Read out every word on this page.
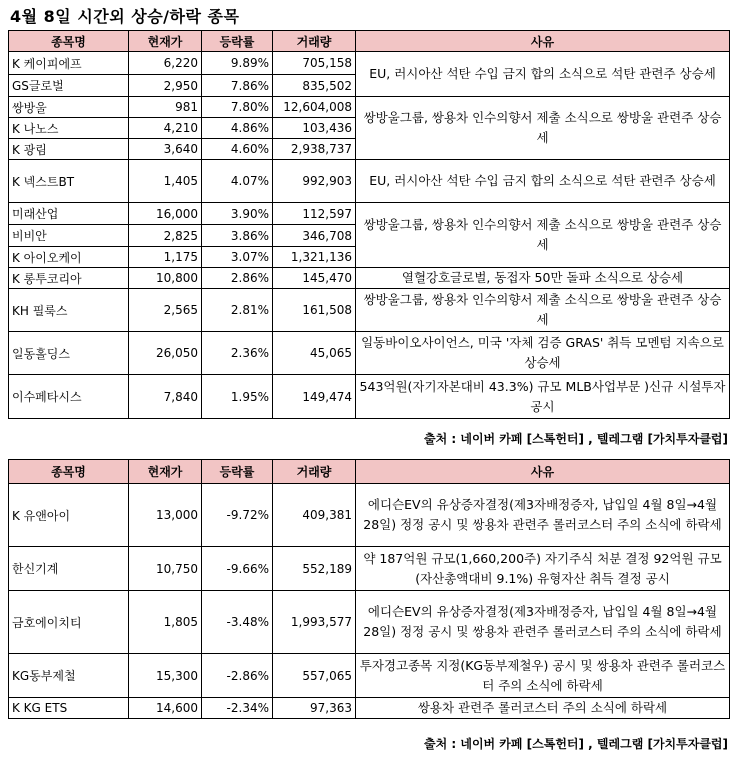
4월 8일 시간외 상승/하락 종목
종목명	현재가	등락률	거래량	사유
K 케이피에프	6,220	9.89%	705,158	EU, 러시아산 석탄 수입 금지 합의 소식으로 석탄 관련주 상승세
GS글로벌	2,950	7.86%	835,502	
쌍방울	981	7.80%	12,604,008	쌍방울그룹, 쌍용차 인수의향서 제출 소식으로 쌍방울 관련주 상승세
K 나노스	4,210	4.86%	103,436	
K 광림	3,640	4.60%	2,938,737	
K 넥스트BT	1,405	4.07%	992,903	EU, 러시아산 석탄 수입 금지 합의 소식으로 석탄 관련주 상승세
미래산업	16,000	3.90%	112,597	쌍방울그룹, 쌍용차 인수의향서 제출 소식으로 쌍방울 관련주 상승세
비비안	2,825	3.86%	346,708	
K 아이오케이	1,175	3.07%	1,321,136	
K 롱투코리아	10,800	2.86%	145,470	열혈강호글로벌, 동접자 50만 돌파 소식으로 상승세
KH 필룩스	2,565	2.81%	161,508	쌍방울그룹, 쌍용차 인수의향서 제출 소식으로 쌍방울 관련주 상승세
일동홀딩스	26,050	2.36%	45,065	일동바이오사이언스, 미국 '자체 검증 GRAS' 취득 모멘텀 지속으로 상승세
이수페타시스	7,840	1.95%	149,474	543억원(자기자본대비 43.3%) 규모 MLB사업부문 )신규 시설투자 공시
출처 : 네이버 카페 [스톡헌터] , 텔레그램 [가치투자클럽]
종목명	현재가	등락률	거래량	사유
K 유앤아이	13,000	-9.72%	409,381	에디슨EV의 유상증자결정(제3자배정증자, 납입일 4월 8일→4월 28일) 정정 공시 및 쌍용차 관련주 롤러코스터 주의 소식에 하락세
한신기계	10,750	-9.66%	552,189	약 187억원 규모(1,660,200주) 자기주식 처분 결정 92억원 규모(자산총액대비 9.1%) 유형자산 취득 결정 공시
금호에이치티	1,805	-3.48%	1,993,577	에디슨EV의 유상증자결정(제3자배정증자, 납입일 4월 8일→4월 28일) 정정 공시 및 쌍용차 관련주 롤러코스터 주의 소식에 하락세
KG동부제철	15,300	-2.86%	557,065	투자경고종목 지정(KG동부제철우) 공시 및 쌍용차 관련주 롤러코스터 주의 소식에 하락세
K KG ETS	14,600	-2.34%	97,363	쌍용차 관련주 롤러코스터 주의 소식에 하락세
출처 : 네이버 카페 [스톡헌터] , 텔레그램 [가치투자클럽]
